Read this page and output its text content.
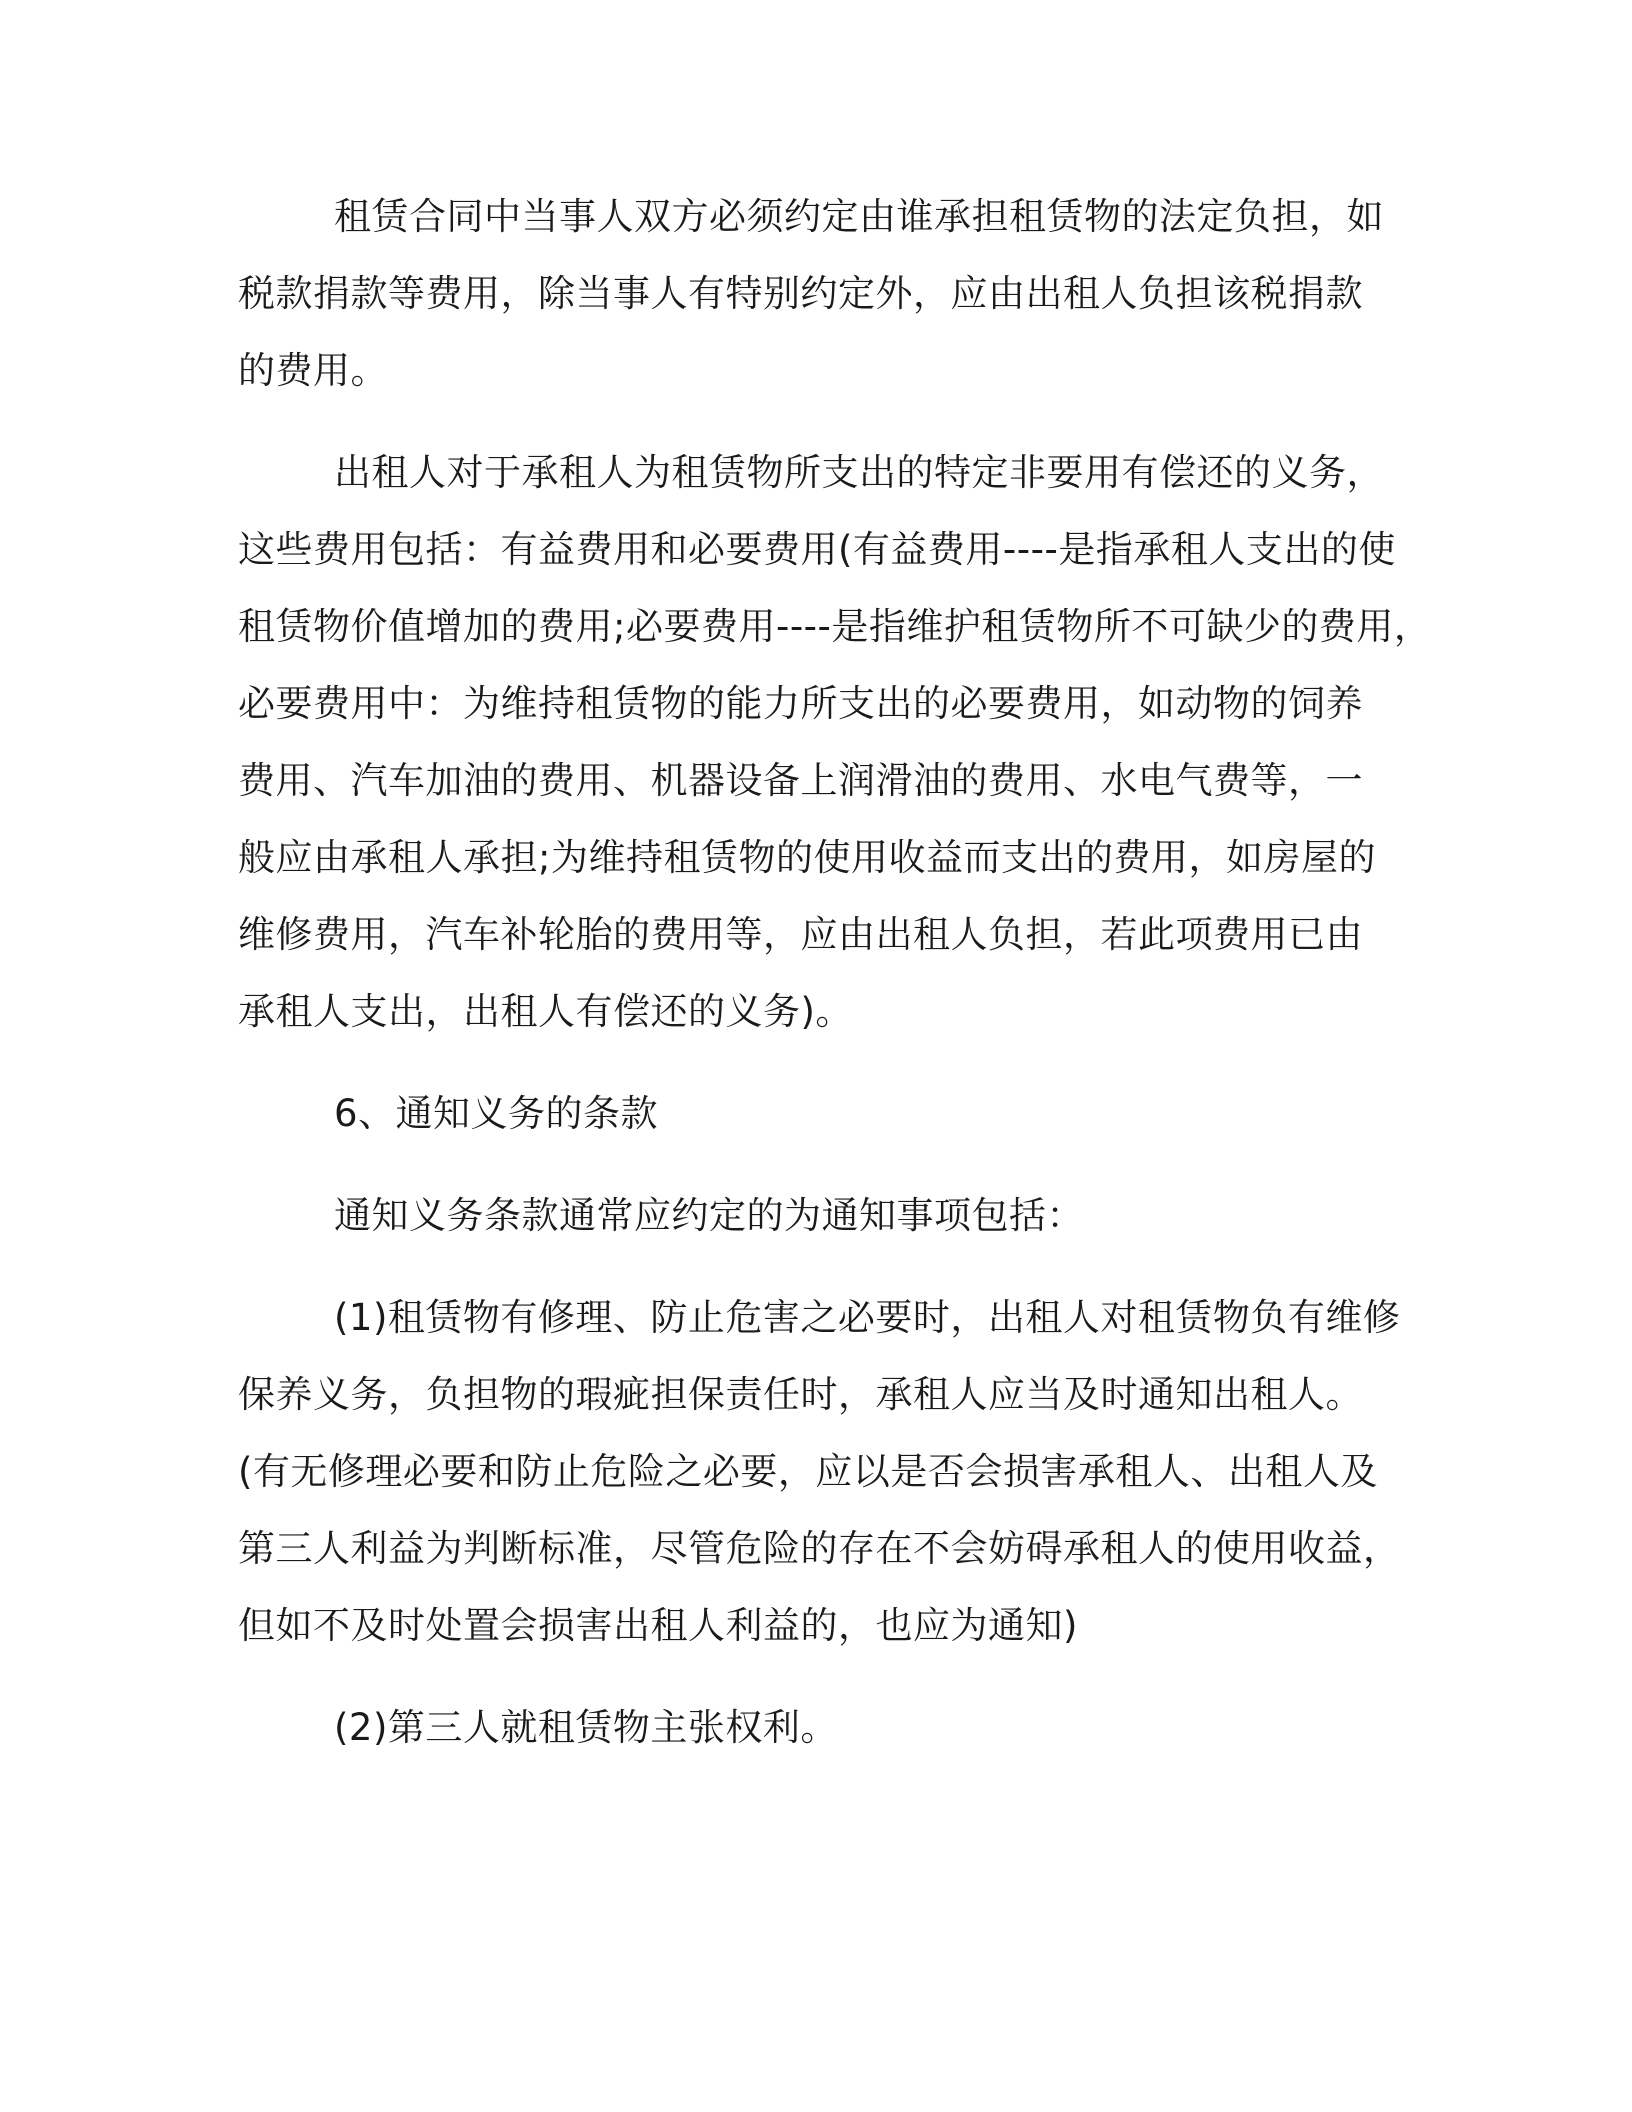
租赁合同中当事人双方必须约定由谁承担租赁物的法定负担，如

税款捐款等费用，除当事人有特别约定外，应由出租人负担该税捐款

的费用。

出租人对于承租人为租赁物所支出的特定非要用有偿还的义务，

这些费用包括：有益费用和必要费用(有益费用----是指承租人支出的使

租赁物价值增加的费用;必要费用----是指维护租赁物所不可缺少的费用，

必要费用中：为维持租赁物的能力所支出的必要费用，如动物的饲养

费用、汽车加油的费用、机器设备上润滑油的费用、水电气费等，一

般应由承租人承担;为维持租赁物的使用收益而支出的费用，如房屋的

维修费用，汽车补轮胎的费用等，应由出租人负担，若此项费用已由

承租人支出，出租人有偿还的义务)。

6、通知义务的条款

通知义务条款通常应约定的为通知事项包括：

(1)租赁物有修理、防止危害之必要时，出租人对租赁物负有维修

保养义务，负担物的瑕疵担保责任时，承租人应当及时通知出租人。

(有无修理必要和防止危险之必要，应以是否会损害承租人、出租人及

第三人利益为判断标准，尽管危险的存在不会妨碍承租人的使用收益，

但如不及时处置会损害出租人利益的，也应为通知)

(2)第三人就租赁物主张权利。
